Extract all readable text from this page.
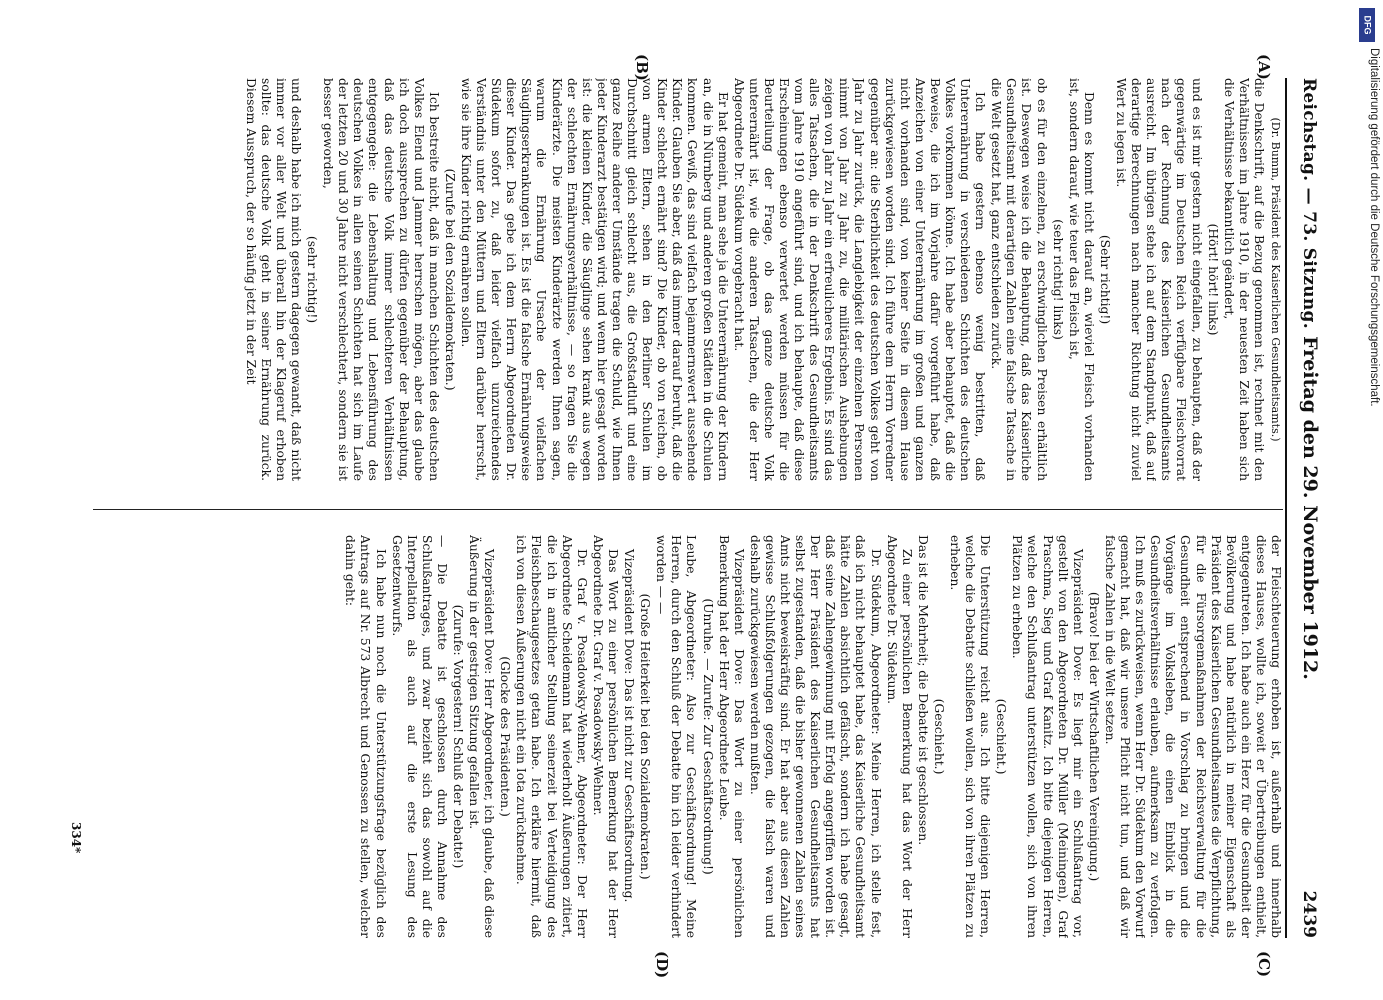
Reichstag. — 73. Sitzung.
Freitag den 29. November 1912.
2439
(A)
(B)
(C)
(D)

(Dr. Bumm, Präsident des Kaiserlichen Gesundheitsamts.)

die Denkschrift, auf die Bezug genommen ist, rechnet mit den Verhältnissen im Jahre 1910, in der neuesten Zeit haben sich die Verhältnisse bekanntlich geändert,

(Hört! hört! links)

und es ist mir gestern nicht eingefallen, zu behaupten, daß der gegenwärtige im Deutschen Reich verfügbare Fleischvorrat nach der Rechnung des Kaiserlichen Gesundheitsamts ausreicht. Im übrigen stehe ich auf dem Standpunkt, daß auf derartige Berechnungen nach mancher Richtung nicht zuviel Wert zu legen ist.

(Sehr richtig!)

Denn es kommt nicht darauf an, wieviel Fleisch vorhanden ist, sondern darauf, wie teuer das Fleisch ist,

(sehr richtig! links)

ob es für den einzelnen, zu erschwinglichen Preisen erhältlich ist. Deswegen weise ich die Behauptung, daß das Kaiserliche Gesundheitsamt mit derartigen Zahlen eine falsche Tatsache in die Welt gesetzt hat, ganz entschieden zurück.

Ich habe gestern ebenso wenig bestritten, daß Unterernährung in verschiedenen Schichten des deutschen Volkes vorkommen könne. Ich habe aber behauptet, daß die Beweise, die ich im Vorjahre dafür vorgeführt habe, daß Anzeichen von einer Unterernährung im großen und ganzen nicht vorhanden sind, von keiner Seite in diesem Hause zurückgewiesen worden sind. Ich führe dem Herrn Vorredner gegenüber an: die Sterblichkeit des deutschen Volkes geht von Jahr zu Jahr zurück, die Langlebigkeit der einzelnen Personen nimmt von Jahr zu Jahr zu, die militärischen Aushebungen zeigen von Jahr zu Jahr ein erfreulicheres Ergebnis. Es sind das alles Tatsachen, die in der Denkschrift des Gesundheitsamts vom Jahre 1910 angeführt sind, und ich behaupte, daß diese Erscheinungen ebenso verwertet werden müssen für die Beurteilung der Frage, ob das ganze deutsche Volk unterernährt ist, wie die anderen Tatsachen, die der Herr Abgeordnete Dr. Südekum vorgebracht hat.

Er hat gemeint, man sehe ja die Unterernährung der Kindern an, die in Nürnberg und anderen großen Städten in die Schulen kommen. Gewiß, das sind vielfach bejammernswert aussehende Kinder. Glauben Sie aber, daß das immer darauf beruht, daß die Kinder schlecht ernährt sind? Die Kinder, ob von reichen, ob von armen Eltern, sehen in den Berliner Schulen im Durchschnitt gleich schlecht aus, die Großstadtluft und eine ganze Reihe anderer Umstände tragen die Schuld, wie Ihnen jeder Kinderarzt bestätigen wird; und wenn hier gesagt worden ist: die kleinen Kinder, die Säuglinge sehen krank aus wegen der schlechten Ernährungsverhältnisse, — so fragen Sie die Kinderärzte. Die meisten Kinderärzte werden Ihnen sagen, warum die Ernährung Ursache der vielfachen Säuglingserkrankungen ist. Es ist die falsche Ernährungsweise dieser Kinder. Das gebe ich dem Herrn Abgeordneten Dr. Südekum sofort zu, daß leider vielfach unzureichendes Verständnis unter den Müttern und Eltern darüber herrscht, wie sie ihre Kinder richtig ernähren sollen.

(Zurufe bei den Sozialdemokraten.)

Ich bestreite nicht, daß in manchen Schichten des deutschen Volkes Elend und Jammer herrschen mögen, aber das glaube ich doch aussprechen zu dürfen gegenüber der Behauptung, daß das deutsche Volk immer schlechteren Verhältnissen entgegengehe: die Lebenshaltung und Lebensführung des deutschen Volkes in allen seinen Schichten hat sich im Laufe der letzten 20 und 30 Jahre nicht verschlechtert, sondern sie ist besser geworden,

(sehr richtig!)

und deshalb habe ich mich gestern dagegen gewandt, daß nicht immer vor aller Welt und überall hin der Klageruf erhoben sollte: das deutsche Volk geht in seiner Ernährung zurück. Diesem Ausspruch, der so häufig jetzt in der Zeit

der Fleischteuerung erhoben ist, außerhalb und innerhalb dieses Hauses, wollte ich, soweit er Übertreibungen enthielt, entgegentreten. Ich habe auch ein Herz für die Gesundheit der Bevölkerung und habe natürlich in meiner Eigenschaft als Präsident des Kaiserlichen Gesundheitsamtes die Verpflichtung, für die Fürsorgemaßnahmen der Reichsverwaltung für die Gesundheit entsprechend in Vorschlag zu bringen und die Vorgänge im Volksleben, die einen Einblick in die Gesundheitsverhältnisse erlauben, aufmerksam zu verfolgen. Ich muß es zurückweisen, wenn Herr Dr. Südekum den Vorwurf gemacht hat, daß wir unsere Pflicht nicht tun, und daß wir falsche Zahlen in die Welt setzen.

(Bravo! bei der Wirtschaftlichen Vereinigung.)

Vizepräsident Dove: Es liegt mir ein Schlußantrag vor, gestellt von den Abgeordneten Dr. Müller (Meiningen), Graf Praschma, Sieg und Graf Kanitz. Ich bitte diejenigen Herren, welche den Schlußantrag unterstützen wollen, sich von ihren Plätzen zu erheben.

(Geschieht.)

Die Unterstützung reicht aus. Ich bitte diejenigen Herren, welche die Debatte schließen wollen, sich von ihren Plätzen zu erheben.

(Geschieht.)

Das ist die Mehrheit; die Debatte ist geschlossen.

Zu einer persönlichen Bemerkung hat das Wort der Herr Abgeordnete Dr. Südekum.

Dr. Südekum, Abgeordneter: Meine Herren, ich stelle fest, daß ich nicht behauptet habe, das Kaiserliche Gesundheitsamt hätte Zahlen absichtlich gefälscht, sondern ich habe gesagt, daß seine Zahlengewinnung mit Erfolg angegriffen worden ist. Der Herr Präsident des Kaiserlichen Gesundheitsamts hat selbst zugestanden, daß die bisher gewonnenen Zahlen seines Amts nicht beweiskräftig sind. Er hat aber aus diesen Zahlen gewisse Schlußfolgerungen gezogen, die falsch waren und deshalb zurückgewiesen werden mußten.

Vizepräsident Dove: Das Wort zu einer persönlichen Bemerkung hat der Herr Abgeordnete Leube.

(Unruhe. — Zurufe: Zur Geschäftsordnung!)

Leube, Abgeordneter: Also zur Geschäftsordnung! Meine Herren, durch den Schluß der Debatte bin ich leider verhindert worden — —

(Große Heiterkeit bei den Sozialdemokraten.)

Vizepräsident Dove: Das ist nicht zur Geschäftsordnung.

Das Wort zu einer persönlichen Bemerkung hat der Herr Abgeordnete Dr. Graf v. Posadowsky-Wehner.

Dr. Graf v. Posadowsky-Wehner, Abgeordneter: Der Herr Abgeordnete Scheidemann hat wiederholt Äußerungen zitiert, die ich in amtlicher Stellung seinerzeit bei Verteidigung des Fleischbeschaugesetzes getan habe. Ich erkläre hiermit, daß ich von diesen Äußerungen nicht ein Iota zurücknehme.

(Glocke des Präsidenten.)

Vizepräsident Dove: Herr Abgeordneter, ich glaube, daß diese Äußerung in der gestrigen Sitzung gefallen ist.

(Zurufe: Vorgestern! Schluß der Debatte!)

— Die Debatte ist geschlossen durch Annahme des Schlußantrages, und zwar bezieht sich das sowohl auf die Interpellation als auch auf die erste Lesung des Gesetzentwurfs.

Ich habe nun noch die Unterstützungsfrage bezüglich des Antrags auf Nr. 573 Albrecht und Genossen zu stellen, welcher dahin geht:

334*
DFG
Digitalisierung gefördert durch die Deutsche Forschungsgemeinschaft.
